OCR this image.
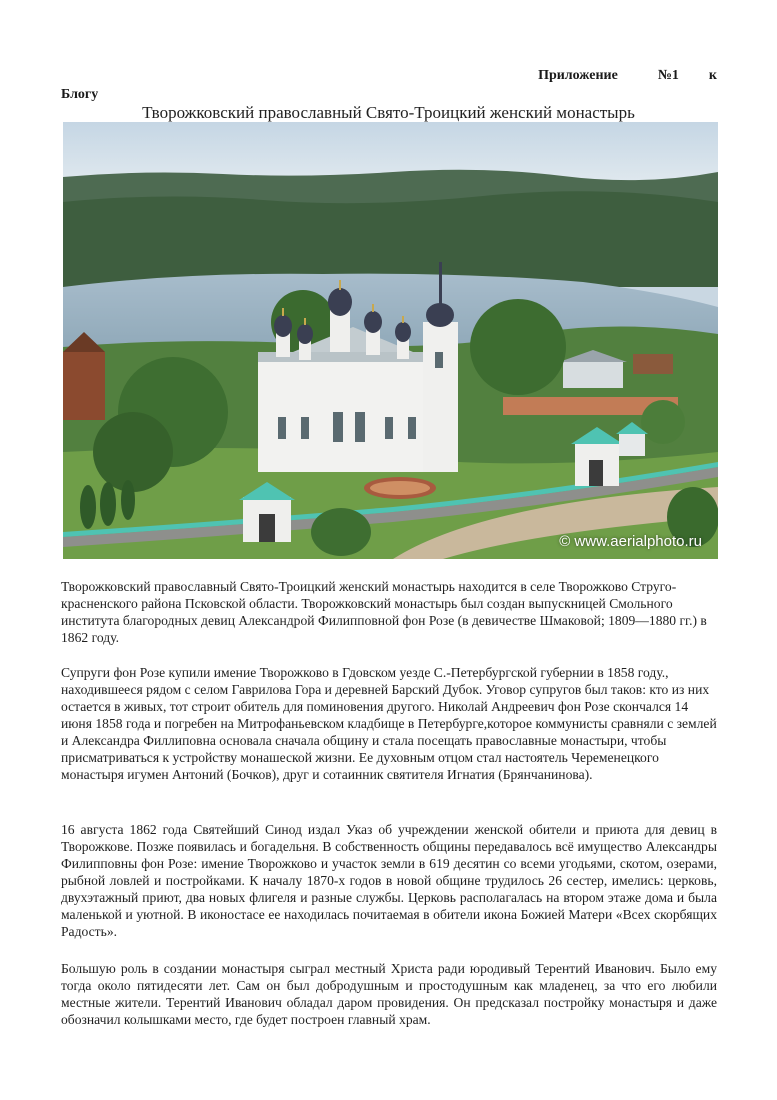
Приложение	№1 к
Блогу
Творожковский православный Свято-Троицкий женский монастырь
© www.aerialphoto.ru

Творожковский православный Свято-Троицкий женский монастырь находится в селе Творожково Струго-красненского района Псковской области. Творожковский монастырь был создан выпускницей Смольного института благородных девиц Александрой Филипповной фон Розе (в девичестве Шмаковой; 1809—1880 гг.) в 1862 году.

Супруги фон Розе купили имение Творожково в Гдовском уезде С.-Петербургской губернии в 1858 году., находившееся рядом с селом Гаврилова Гора и деревней Барский Дубок. Уговор супругов был таков: кто из них остается в живых, тот строит обитель для поминовения другого. Николай Андреевич фон Розе скончался 14 июня 1858 года и погребен на Митрофаньевском кладбище в Петербурге,которое коммунисты сравняли с землей и Александра Филлиповна основала сначала общину и стала посещать православные монастыри, чтобы присматриваться к устройству монашеской жизни. Ее духовным отцом стал настоятель Череменецкого монастыря игумен Антоний (Бочков), друг и сотаинник святителя Игнатия (Брянчанинова).

16 августа 1862 года Святейший Синод издал Указ об учреждении женской обители и приюта для девиц в Творожкове. Позже появилась и богадельня. В собственность общины передавалось всё имущество Александры Филипповны фон Розе: имение Творожково и участок земли в 619 десятин со всеми угодьями, скотом, озерами, рыбной ловлей и постройками. К началу 1870-х годов в новой общине трудилось 26 сестер, имелись: церковь, двухэтажный приют, два новых флигеля и разные службы. Церковь располагалась на втором этаже дома и была маленькой и уютной. В иконостасе ее находилась почитаемая в обители икона Божией Матери «Всех скорбящих Радость».

Большую роль в создании монастыря сыграл местный Христа ради юродивый Терентий Иванович. Было ему тогда около пятидесяти лет. Сам он был добродушным и простодушным как младенец, за что его любили местные жители. Терентий Иванович обладал даром провидения. Он предсказал постройку монастыря и даже обозначил колышками место, где будет построен главный храм.
